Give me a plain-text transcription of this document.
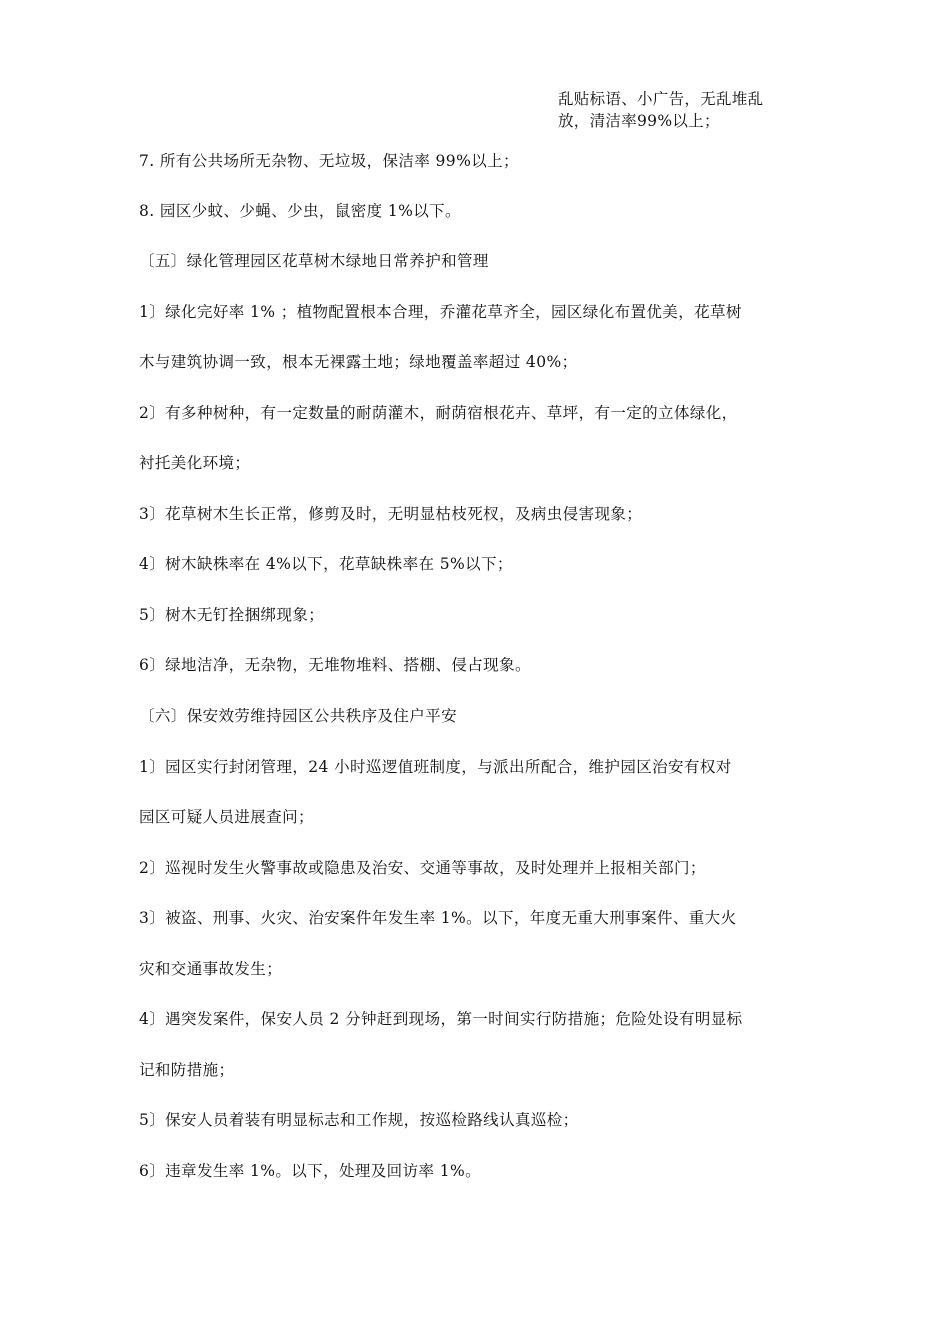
乱贴标语、小广告，无乱堆乱
放，清洁率99%以上；
7. 所有公共场所无杂物、无垃圾，保洁率 99%以上；
8. 园区少蚊、少蝇、少虫，鼠密度 1%以下。
〔五〕绿化管理园区花草树木绿地日常养护和管理
1〕绿化完好率 1% ；植物配置根本合理，乔灌花草齐全，园区绿化布置优美，花草树
木与建筑协调一致，根本无裸露土地；绿地覆盖率超过 40%；
2〕有多种树种，有一定数量的耐荫灌木，耐荫宿根花卉、草坪，有一定的立体绿化，
衬托美化环境；
3〕花草树木生长正常，修剪及时，无明显枯枝死杈，及病虫侵害现象；
4〕树木缺株率在 4%以下，花草缺株率在 5%以下；
5〕树木无钉拴捆绑现象；
6〕绿地洁净，无杂物，无堆物堆料、搭棚、侵占现象。
〔六〕保安效劳维持园区公共秩序及住户平安
1〕园区实行封闭管理，24 小时巡逻值班制度，与派出所配合，维护园区治安有权对
园区可疑人员进展查问；
2〕巡视时发生火警事故或隐患及治安、交通等事故，及时处理并上报相关部门；
3〕被盗、刑事、火灾、治安案件年发生率 1%。以下，年度无重大刑事案件、重大火
灾和交通事故发生；
4〕遇突发案件，保安人员 2 分钟赶到现场，第一时间实行防措施；危险处设有明显标
记和防措施；
5〕保安人员着装有明显标志和工作规，按巡检路线认真巡检；
6〕违章发生率 1%。以下，处理及回访率 1%。
